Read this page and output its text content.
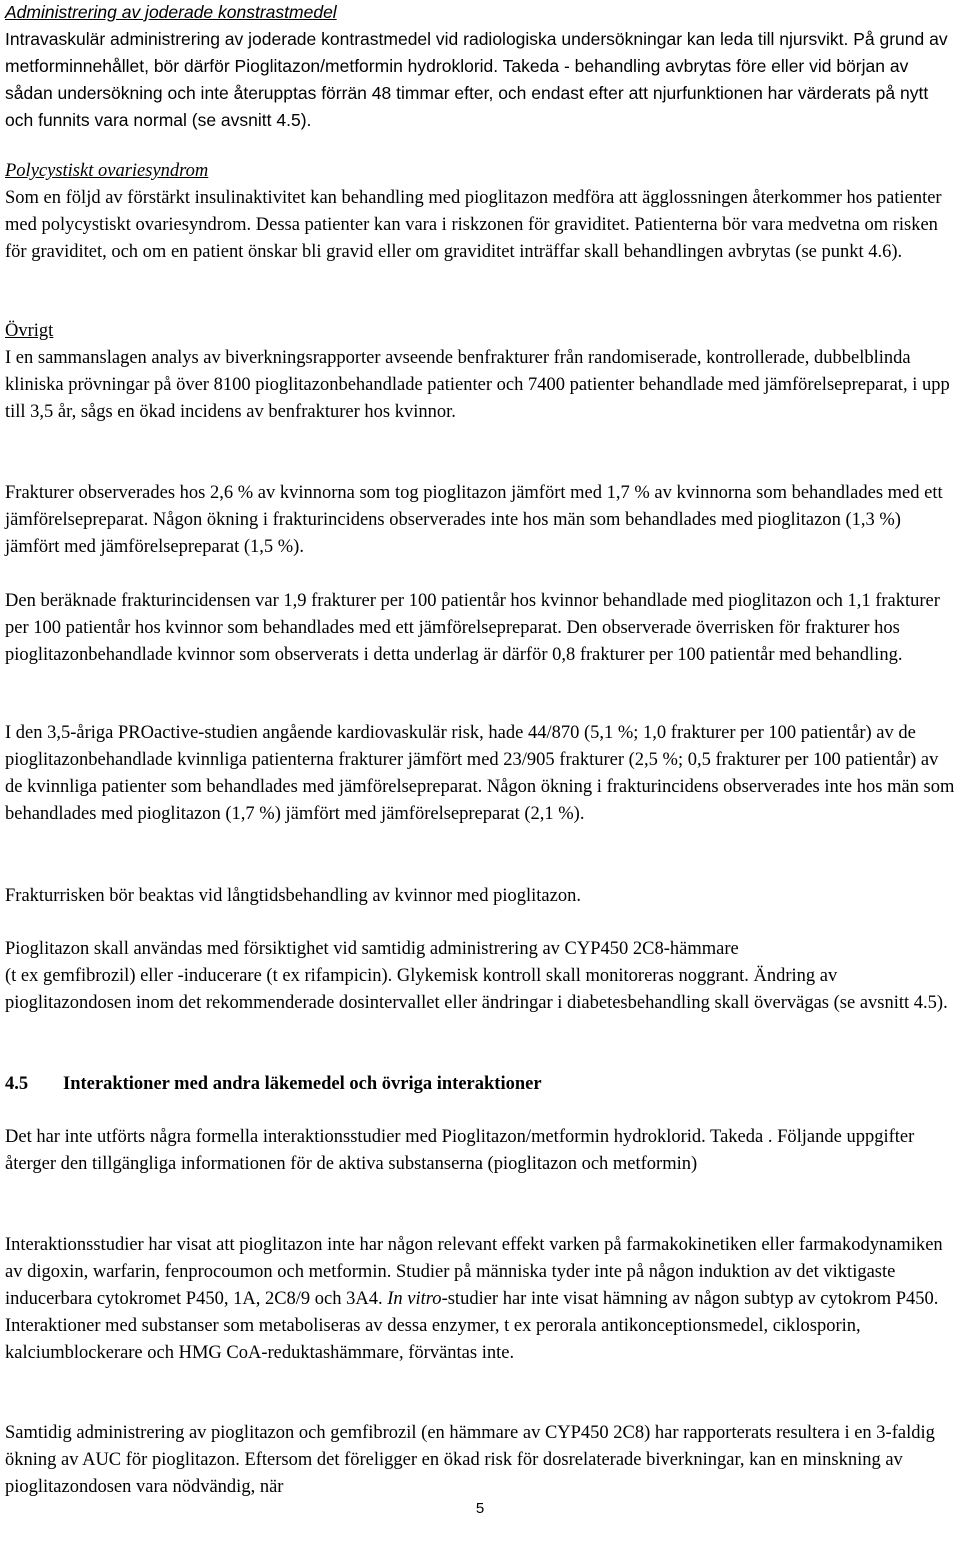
Administrering av joderade konstrastmedel
Intravaskulär administrering av joderade kontrastmedel vid radiologiska undersökningar kan leda till njursvikt. På grund av metforminnehållet, bör därför Pioglitazon/metformin hydroklorid. Takeda - behandling avbrytas före eller vid början av sådan undersökning och inte återupptas förrän 48 timmar efter, och endast efter att njurfunktionen har värderats på nytt och funnits vara normal (se avsnitt 4.5).
Polycystiskt ovariesyndrom
Som en följd av förstärkt insulinaktivitet kan behandling med pioglitazon medföra att ägglossningen återkommer hos patienter med polycystiskt ovariesyndrom. Dessa patienter kan vara i riskzonen för graviditet. Patienterna bör vara medvetna om risken för graviditet, och om en patient önskar bli gravid eller om graviditet inträffar skall behandlingen avbrytas (se punkt 4.6).
Övrigt
I en sammanslagen analys av biverkningsrapporter avseende benfrakturer från randomiserade, kontrollerade, dubbelblinda kliniska prövningar på över 8100 pioglitazonbehandlade patienter och 7400 patienter behandlade med jämförelsepreparat, i upp till 3,5 år, sågs en ökad incidens av benfrakturer hos kvinnor.

Frakturer observerades hos 2,6 % av kvinnorna som tog pioglitazon jämfört med 1,7 % av kvinnorna som behandlades med ett jämförelsepreparat. Någon ökning i frakturincidens observerades inte hos män som behandlades med pioglitazon (1,3 %) jämfört med jämförelsepreparat (1,5 %).

Den beräknade frakturincidensen var 1,9 frakturer per 100 patientår hos kvinnor behandlade med pioglitazon och 1,1 frakturer per 100 patientår hos kvinnor som behandlades med ett jämförelsepreparat. Den observerade överrisken för frakturer hos pioglitazonbehandlade kvinnor som observerats i detta underlag är därför 0,8 frakturer per 100 patientår med behandling.

I den 3,5-åriga PROactive-studien angående kardiovaskulär risk, hade 44/870 (5,1 %; 1,0 frakturer per 100 patientår) av de pioglitazonbehandlade kvinnliga patienterna frakturer jämfört med 23/905 frakturer (2,5 %; 0,5 frakturer per 100 patientår) av de kvinnliga patienter som behandlades med jämförelsepreparat. Någon ökning i frakturincidens observerades inte hos män som behandlades med pioglitazon (1,7 %) jämfört med jämförelsepreparat (2,1 %).

Frakturrisken bör beaktas vid långtidsbehandling av kvinnor med pioglitazon.

Pioglitazon skall användas med försiktighet vid samtidig administrering av CYP450 2C8-hämmare
(t ex gemfibrozil) eller -inducerare (t ex rifampicin). Glykemisk kontroll skall monitoreras noggrant. Ändring av pioglitazondosen inom det rekommenderade dosintervallet eller ändringar i diabetesbehandling skall övervägas (se avsnitt 4.5).
4.5 Interaktioner med andra läkemedel och övriga interaktioner

Det har inte utförts några formella interaktionsstudier med Pioglitazon/metformin hydroklorid. Takeda . Följande uppgifter återger den tillgängliga informationen för de aktiva substanserna (pioglitazon och metformin)

Interaktionsstudier har visat att pioglitazon inte har någon relevant effekt varken på farmakokinetiken eller farmakodynamiken av digoxin, warfarin, fenprocoumon och metformin. Studier på människa tyder inte på någon induktion av det viktigaste inducerbara cytokromet P450, 1A, 2C8/9 och 3A4. In vitro-studier har inte visat hämning av någon subtyp av cytokrom P450. Interaktioner med substanser som metaboliseras av dessa enzymer, t ex perorala antikonceptionsmedel, ciklosporin, kalciumblockerare och HMG CoA-reduktashämmare, förväntas inte.

Samtidig administrering av pioglitazon och gemfibrozil (en hämmare av CYP450 2C8) har rapporterats resultera i en 3-faldig ökning av AUC för pioglitazon. Eftersom det föreligger en ökad risk för dosrelaterade biverkningar, kan en minskning av pioglitazondosen vara nödvändig, när

5
